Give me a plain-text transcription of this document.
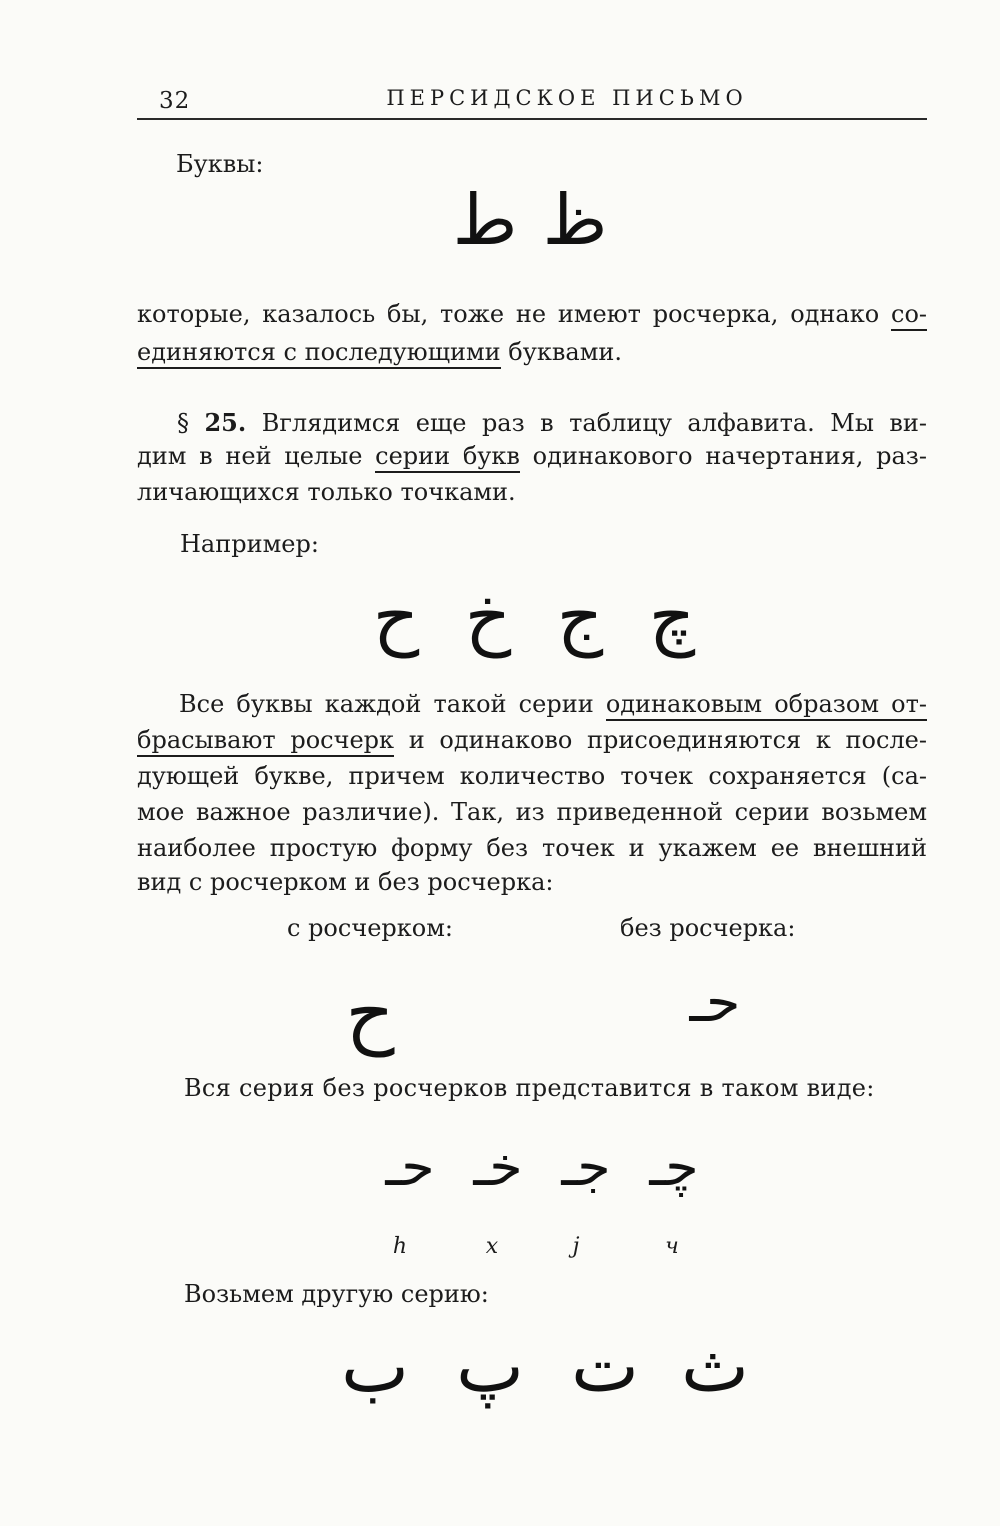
32	ПЕРСИДСКОЕ ПИСЬМО
Буквы:
ط ظ
которые, казалось бы, тоже не имеют росчерка, однако со-
единяются с последующими буквами.
§ 25. Вглядимся еще раз в таблицу алфавита. Мы ви-
дим в ней целые серии букв одинакового начертания, раз-
личающихся только точками.
Например:
ح خ ج چ
Все буквы каждой такой серии одинаковым образом от-
брасывают росчерк и одинаково присоединяются к после-
дующей букве, причем количество точек сохраняется (са-
мое важное различие). Так, из приведенной серии возьмем
наиболее простую форму без точек и укажем ее внешний
вид с росчерком и без росчерка:
с росчерком:	без росчерка:
ح	حـ
Вся серия без росчерков представится в таком виде:
حـ خـ جـ چـ
h	x	j	ч
Возьмем другую серию:
ب پ ت ث
